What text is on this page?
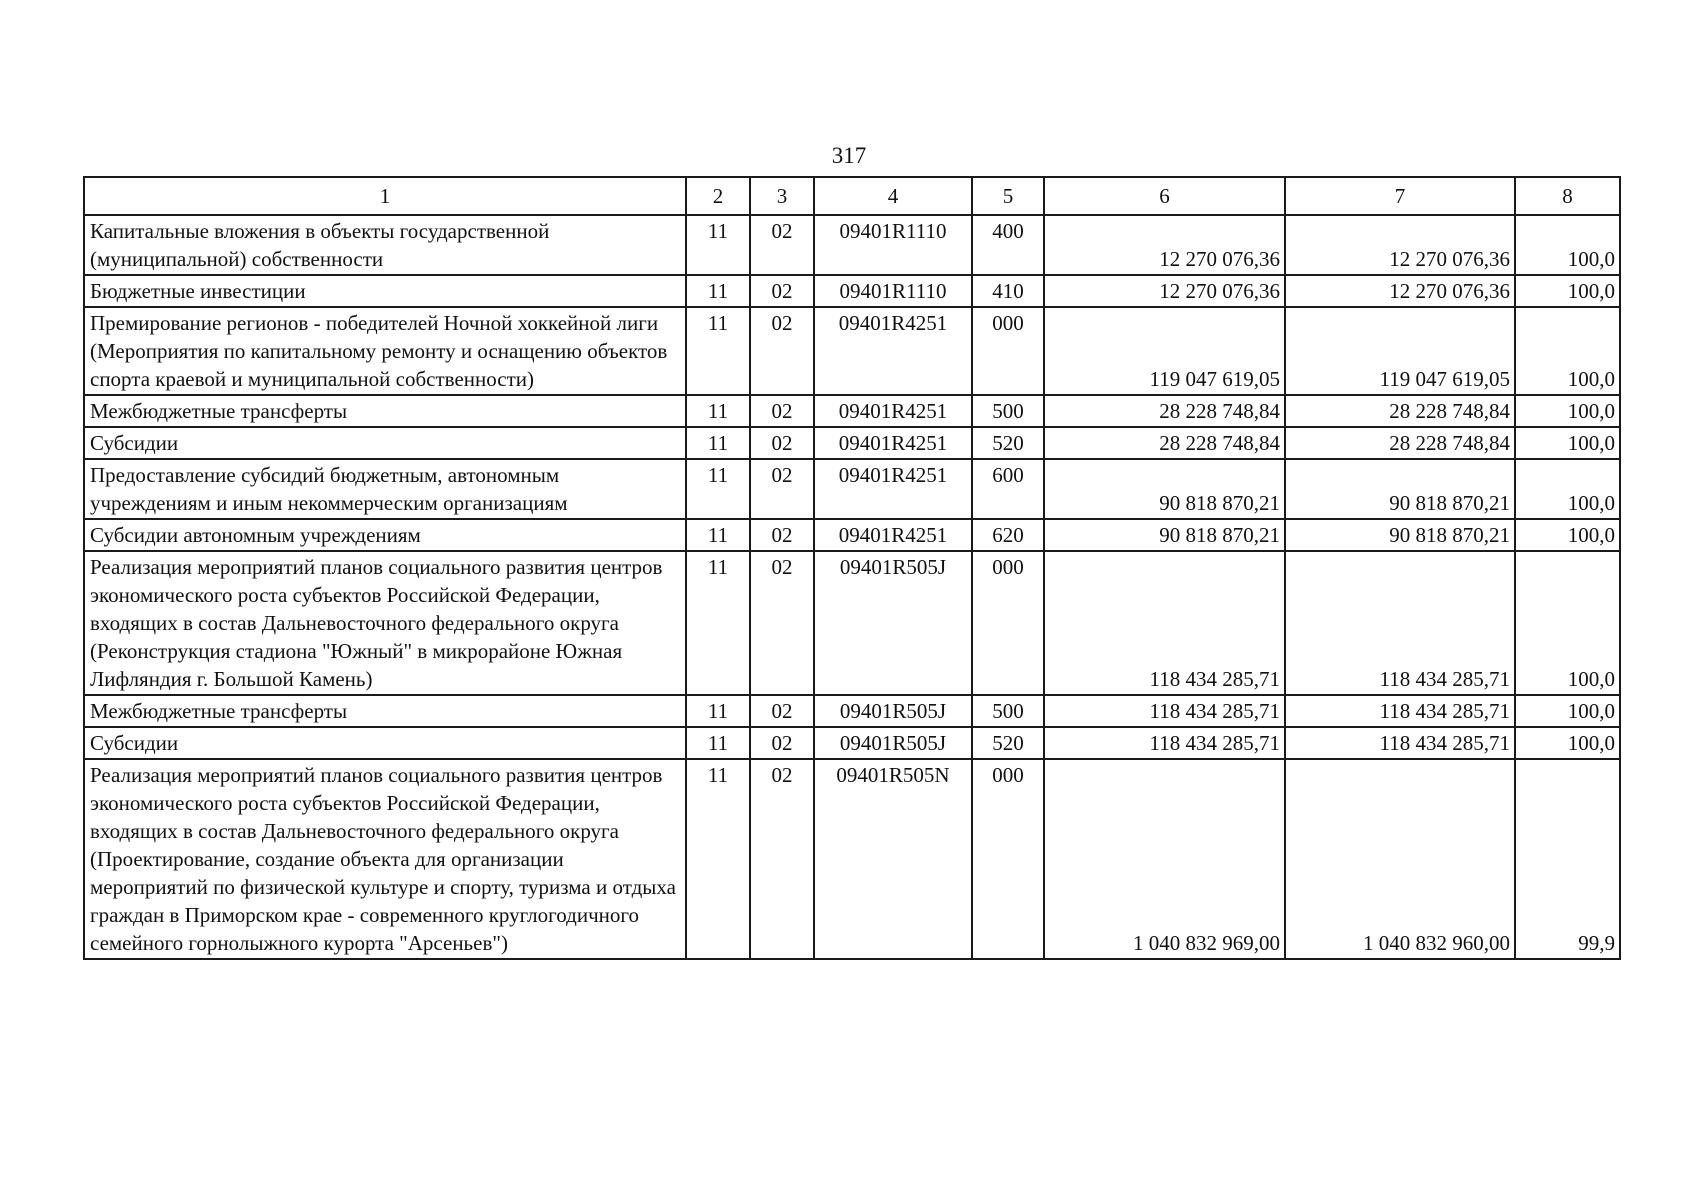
317
1	2	3	4	5	6	7	8
Капитальные вложения в объекты государственной (муниципальной) собственности	11	02	09401R1110	400	12 270 076,36	12 270 076,36	100,0
Бюджетные инвестиции	11	02	09401R1110	410	12 270 076,36	12 270 076,36	100,0
Премирование регионов - победителей Ночной хоккейной лиги (Мероприятия по капитальному ремонту и оснащению объектов спорта краевой и муниципальной собственности)	11	02	09401R4251	000	119 047 619,05	119 047 619,05	100,0
Межбюджетные трансферты	11	02	09401R4251	500	28 228 748,84	28 228 748,84	100,0
Субсидии	11	02	09401R4251	520	28 228 748,84	28 228 748,84	100,0
Предоставление субсидий бюджетным, автономным учреждениям и иным некоммерческим организациям	11	02	09401R4251	600	90 818 870,21	90 818 870,21	100,0
Субсидии автономным учреждениям	11	02	09401R4251	620	90 818 870,21	90 818 870,21	100,0
Реализация мероприятий планов социального развития центров экономического роста субъектов Российской Федерации, входящих в состав Дальневосточного федерального округа (Реконструкция стадиона "Южный" в микрорайоне Южная Лифляндия г. Большой Камень)	11	02	09401R505J	000	118 434 285,71	118 434 285,71	100,0
Межбюджетные трансферты	11	02	09401R505J	500	118 434 285,71	118 434 285,71	100,0
Субсидии	11	02	09401R505J	520	118 434 285,71	118 434 285,71	100,0
Реализация мероприятий планов социального развития центров экономического роста субъектов Российской Федерации, входящих в состав Дальневосточного федерального округа (Проектирование, создание объекта для организации мероприятий по физической культуре и спорту, туризма и отдыха граждан в Приморском крае - современного круглогодичного семейного горнолыжного курорта "Арсеньев")	11	02	09401R505N	000	1 040 832 969,00	1 040 832 960,00	99,9
